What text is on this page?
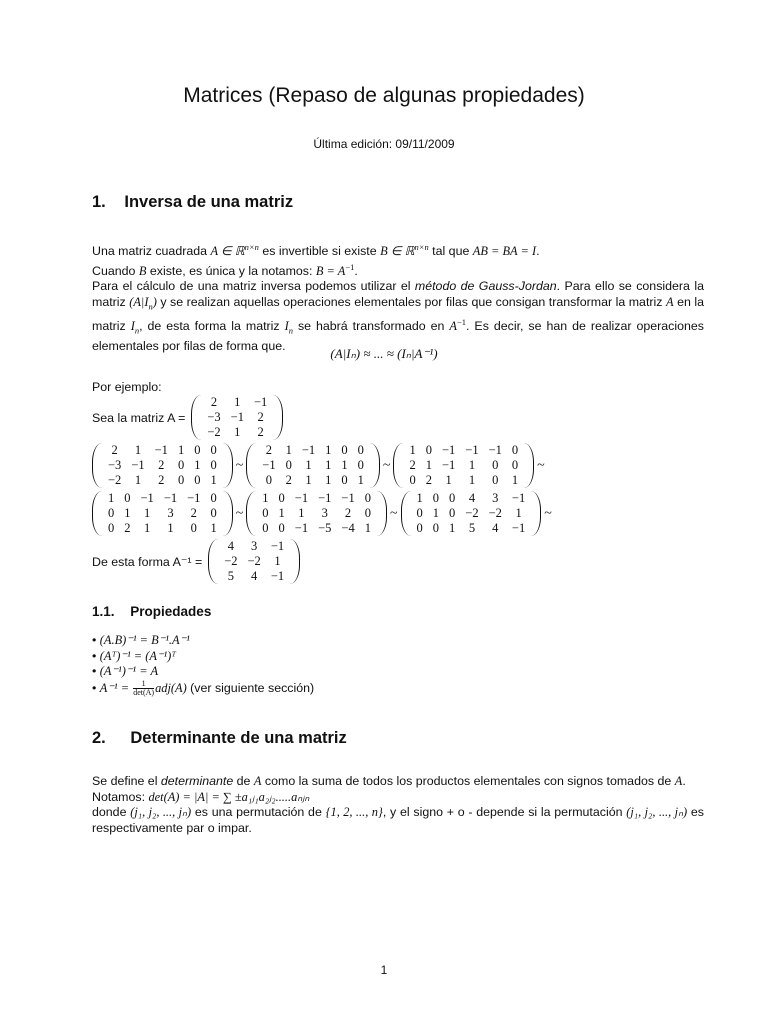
Matrices (Repaso de algunas propiedades)
Última edición: 09/11/2009
1. Inversa de una matriz
Una matriz cuadrada A ∈ ℝ$^{n\times n}$ es invertible si existe B ∈ ℝ$^{n\times n}$ tal que AB = BA = I.
Cuando B existe, es única y la notamos: $B = A^{-1}$.
Para el cálculo de una matriz inversa podemos utilizar el método de Gauss-Jordan. Para ello se considera la matriz $(A|I_n)$ y se realizan aquellas operaciones elementales por filas que consigan transformar la matriz A en la matriz $I_n$, de esta forma la matriz $I_n$ se habrá transformado en $A^{-1}$. Es decir, se han de realizar operaciones elementales por filas de forma que.	(A|Iₙ) ≈ ... ≈ (Iₙ|A⁻¹)
Por ejemplo:
Sea la matriz A =
2	1	−1
−3	−1	2
−2	1	2
2	1	−1	1	0	0
−3	−1	2	0	1	0
−2	1	2	0	0	1
~
2	1	−1	1	0	0
−1	0	1	1	1	0
0	2	1	1	0	1
~
1	0	−1	−1	−1	0
2	1	−1	1	0	0
0	2	1	1	0	1
~
1	0	−1	−1	−1	0
0	1	1	3	2	0
0	2	1	1	0	1
~
1	0	−1	−1	−1	0
0	1	1	3	2	0
0	0	−1	−5	−4	1
~
1	0	0	4	3	−1
0	1	0	−2	−2	1
0	0	1	5	4	−1
~
De esta forma A⁻¹ =
4	3	−1
−2	−2	1
5	4	−1
1.1. Propiedades
• (A.B)⁻¹ = B⁻¹.A⁻¹
• (Aᵀ)⁻¹ = (A⁻¹)ᵀ
• (A⁻¹)⁻¹ = A
• $A^{-1} = \frac{1}{\det(A)} adj(A)$ (ver siguiente sección)
2. Determinante de una matriz
Se define el determinante de A como la suma de todos los productos elementales con signos tomados de A.
Notamos: det(A) = |A| = ∑ ±a₁ⱼ₁a₂ⱼ₂.....aₙⱼₙ
donde (j₁, j₂, ..., jₙ) es una permutación de {1, 2, ..., n}, y el signo + o - depende si la permutación (j₁, j₂, ..., jₙ) es respectivamente par o impar.
1
